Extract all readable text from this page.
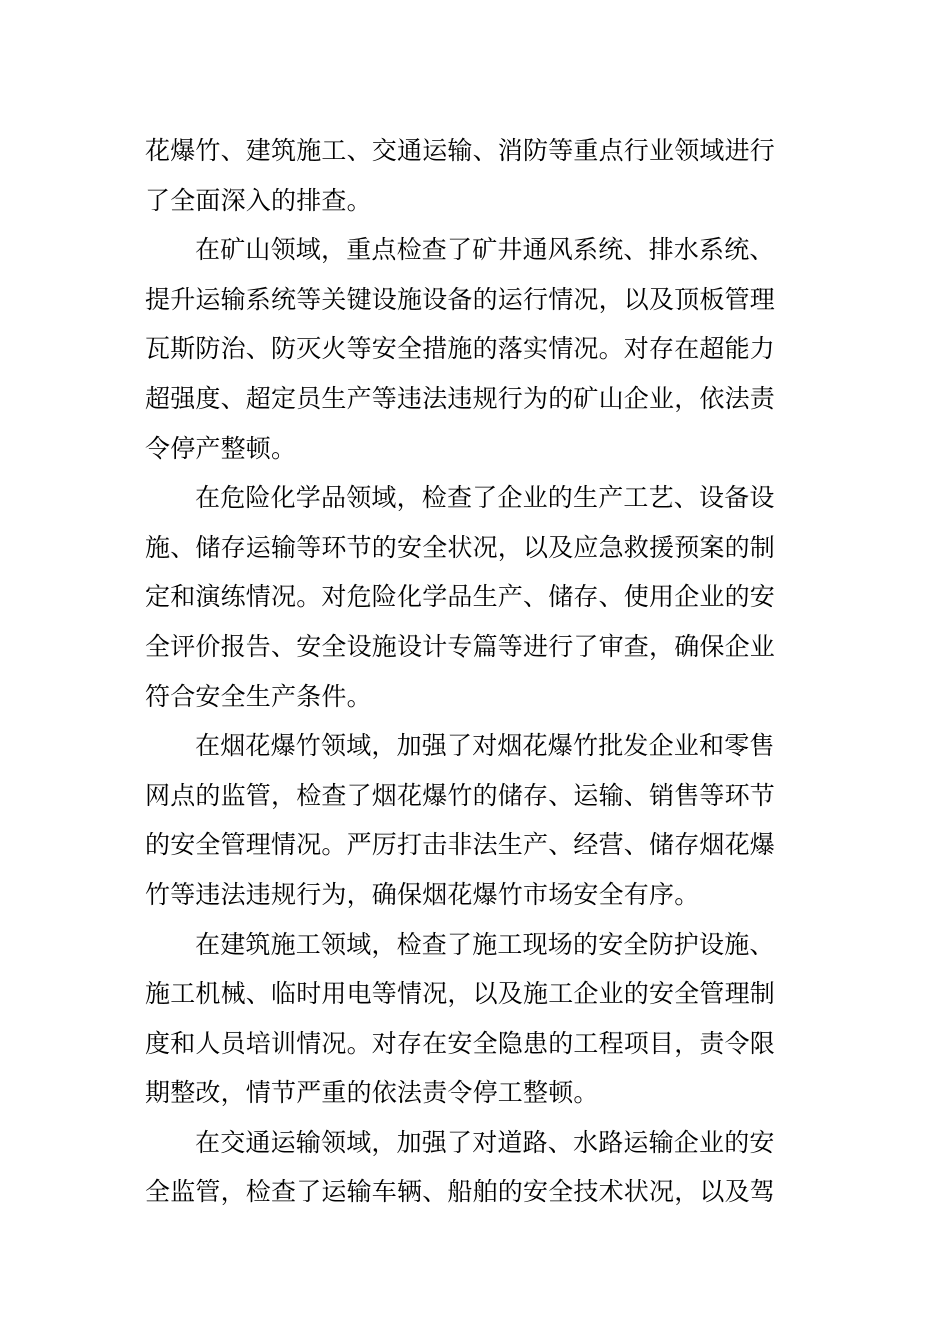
花爆竹、建筑施工、交通运输、消防等重点行业领域进行
了全面深入的排查。
在矿山领域，重点检查了矿井通风系统、排水系统、
提升运输系统等关键设施设备的运行情况，以及顶板管理
瓦斯防治、防灭火等安全措施的落实情况。对存在超能力
超强度、超定员生产等违法违规行为的矿山企业，依法责
令停产整顿。
在危险化学品领域，检查了企业的生产工艺、设备设
施、储存运输等环节的安全状况，以及应急救援预案的制
定和演练情况。对危险化学品生产、储存、使用企业的安
全评价报告、安全设施设计专篇等进行了审查，确保企业
符合安全生产条件。
在烟花爆竹领域，加强了对烟花爆竹批发企业和零售
网点的监管，检查了烟花爆竹的储存、运输、销售等环节
的安全管理情况。严厉打击非法生产、经营、储存烟花爆
竹等违法违规行为，确保烟花爆竹市场安全有序。
在建筑施工领域，检查了施工现场的安全防护设施、
施工机械、临时用电等情况，以及施工企业的安全管理制
度和人员培训情况。对存在安全隐患的工程项目，责令限
期整改，情节严重的依法责令停工整顿。
在交通运输领域，加强了对道路、水路运输企业的安
全监管，检查了运输车辆、船舶的安全技术状况，以及驾
